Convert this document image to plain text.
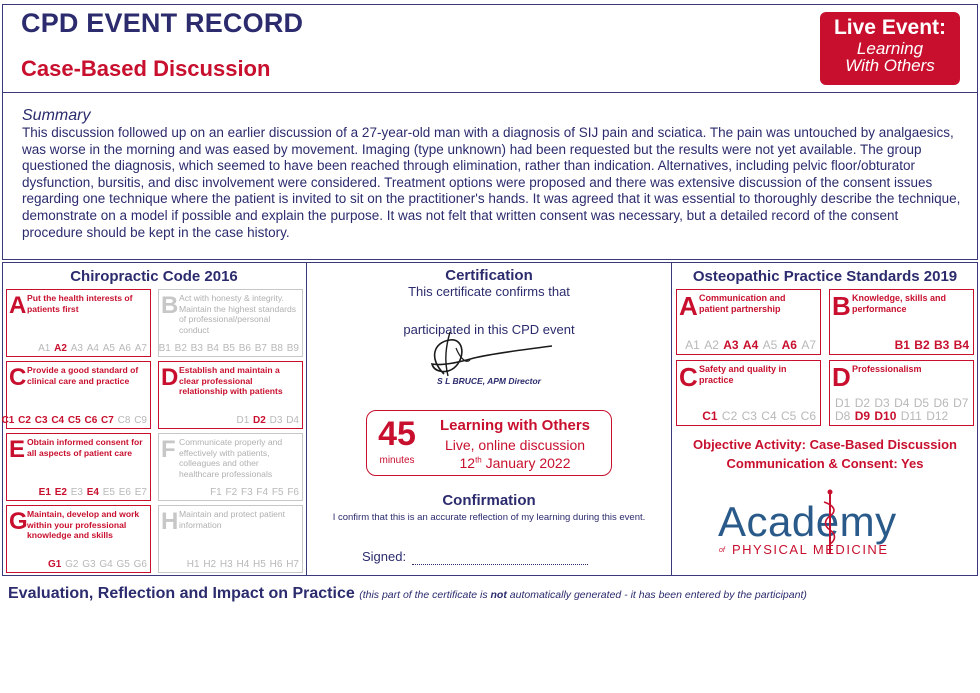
CPD EVENT RECORD
Case-Based Discussion
Live Event:
Learning
With Others
Summary
This discussion followed up on an earlier discussion of a 27-year-old man with a diagnosis of SIJ pain and sciatica. The pain was untouched by analgaesics, was worse in the morning and was eased by movement. Imaging (type unknown) had been requested but the results were not yet available. The group questioned the diagnosis, which seemed to have been reached through elimination, rather than indication. Alternatives, including pelvic floor/obturator dysfunction, bursitis, and disc involvement were considered. Treatment options were proposed and there was extensive discussion of the consent issues regarding one technique where the patient is invited to sit on the practitioner's hands. It was agreed that it was essential to thoroughly describe the technique, demonstrate on a model if possible and explain the purpose. It was not felt that written consent was necessary, but a detailed record of the consent procedure should be kept in the case history.
Chiropractic Code 2016
A Put the health interests of patients first
A1 A2 A3 A4 A5 A6 A7
B Act with honesty & integrity. Maintain the highest standards of professional/personal conduct
B1 B2 B3 B4 B5 B6 B7 B8 B9
C Provide a good standard of clinical care and practice
C1 C2 C3 C4 C5 C6 C7 C8 C9
D Establish and maintain a clear professional relationship with patients
D1 D2 D3 D4
E Obtain informed consent for all aspects of patient care
E1 E2 E3 E4 E5 E6 E7
F Communicate properly and effectively with patients, colleagues and other healthcare professionals
F1 F2 F3 F4 F5 F6
G Maintain, develop and work within your professional knowledge and skills
G1 G2 G3 G4 G5 G6
H Maintain and protect patient information
H1 H2 H3 H4 H5 H6 H7
Certification
This certificate confirms that
participated in this CPD event
S L BRUCE, APM Director
45
minutes
Learning with Others
Live, online discussion
12th January 2022
Confirmation
I confirm that this is an accurate reflection of my learning during this event.
Signed:
Osteopathic Practice Standards 2019
A Communication and patient partnership
A1 A2 A3 A4 A5 A6 A7
B Knowledge, skills and performance
B1 B2 B3 B4
C Safety and quality in practice
C1 C2 C3 C4 C5 C6
D Professionalism
D1 D2 D3 D4 D5 D6 D7 D8 D9 D10 D11 D12
Objective Activity: Case-Based Discussion
Communication & Consent: Yes
Academy
of PHYSICAL MEDICINE
Evaluation, Reflection and Impact on Practice (this part of the certificate is not automatically generated - it has been entered by the participant)
